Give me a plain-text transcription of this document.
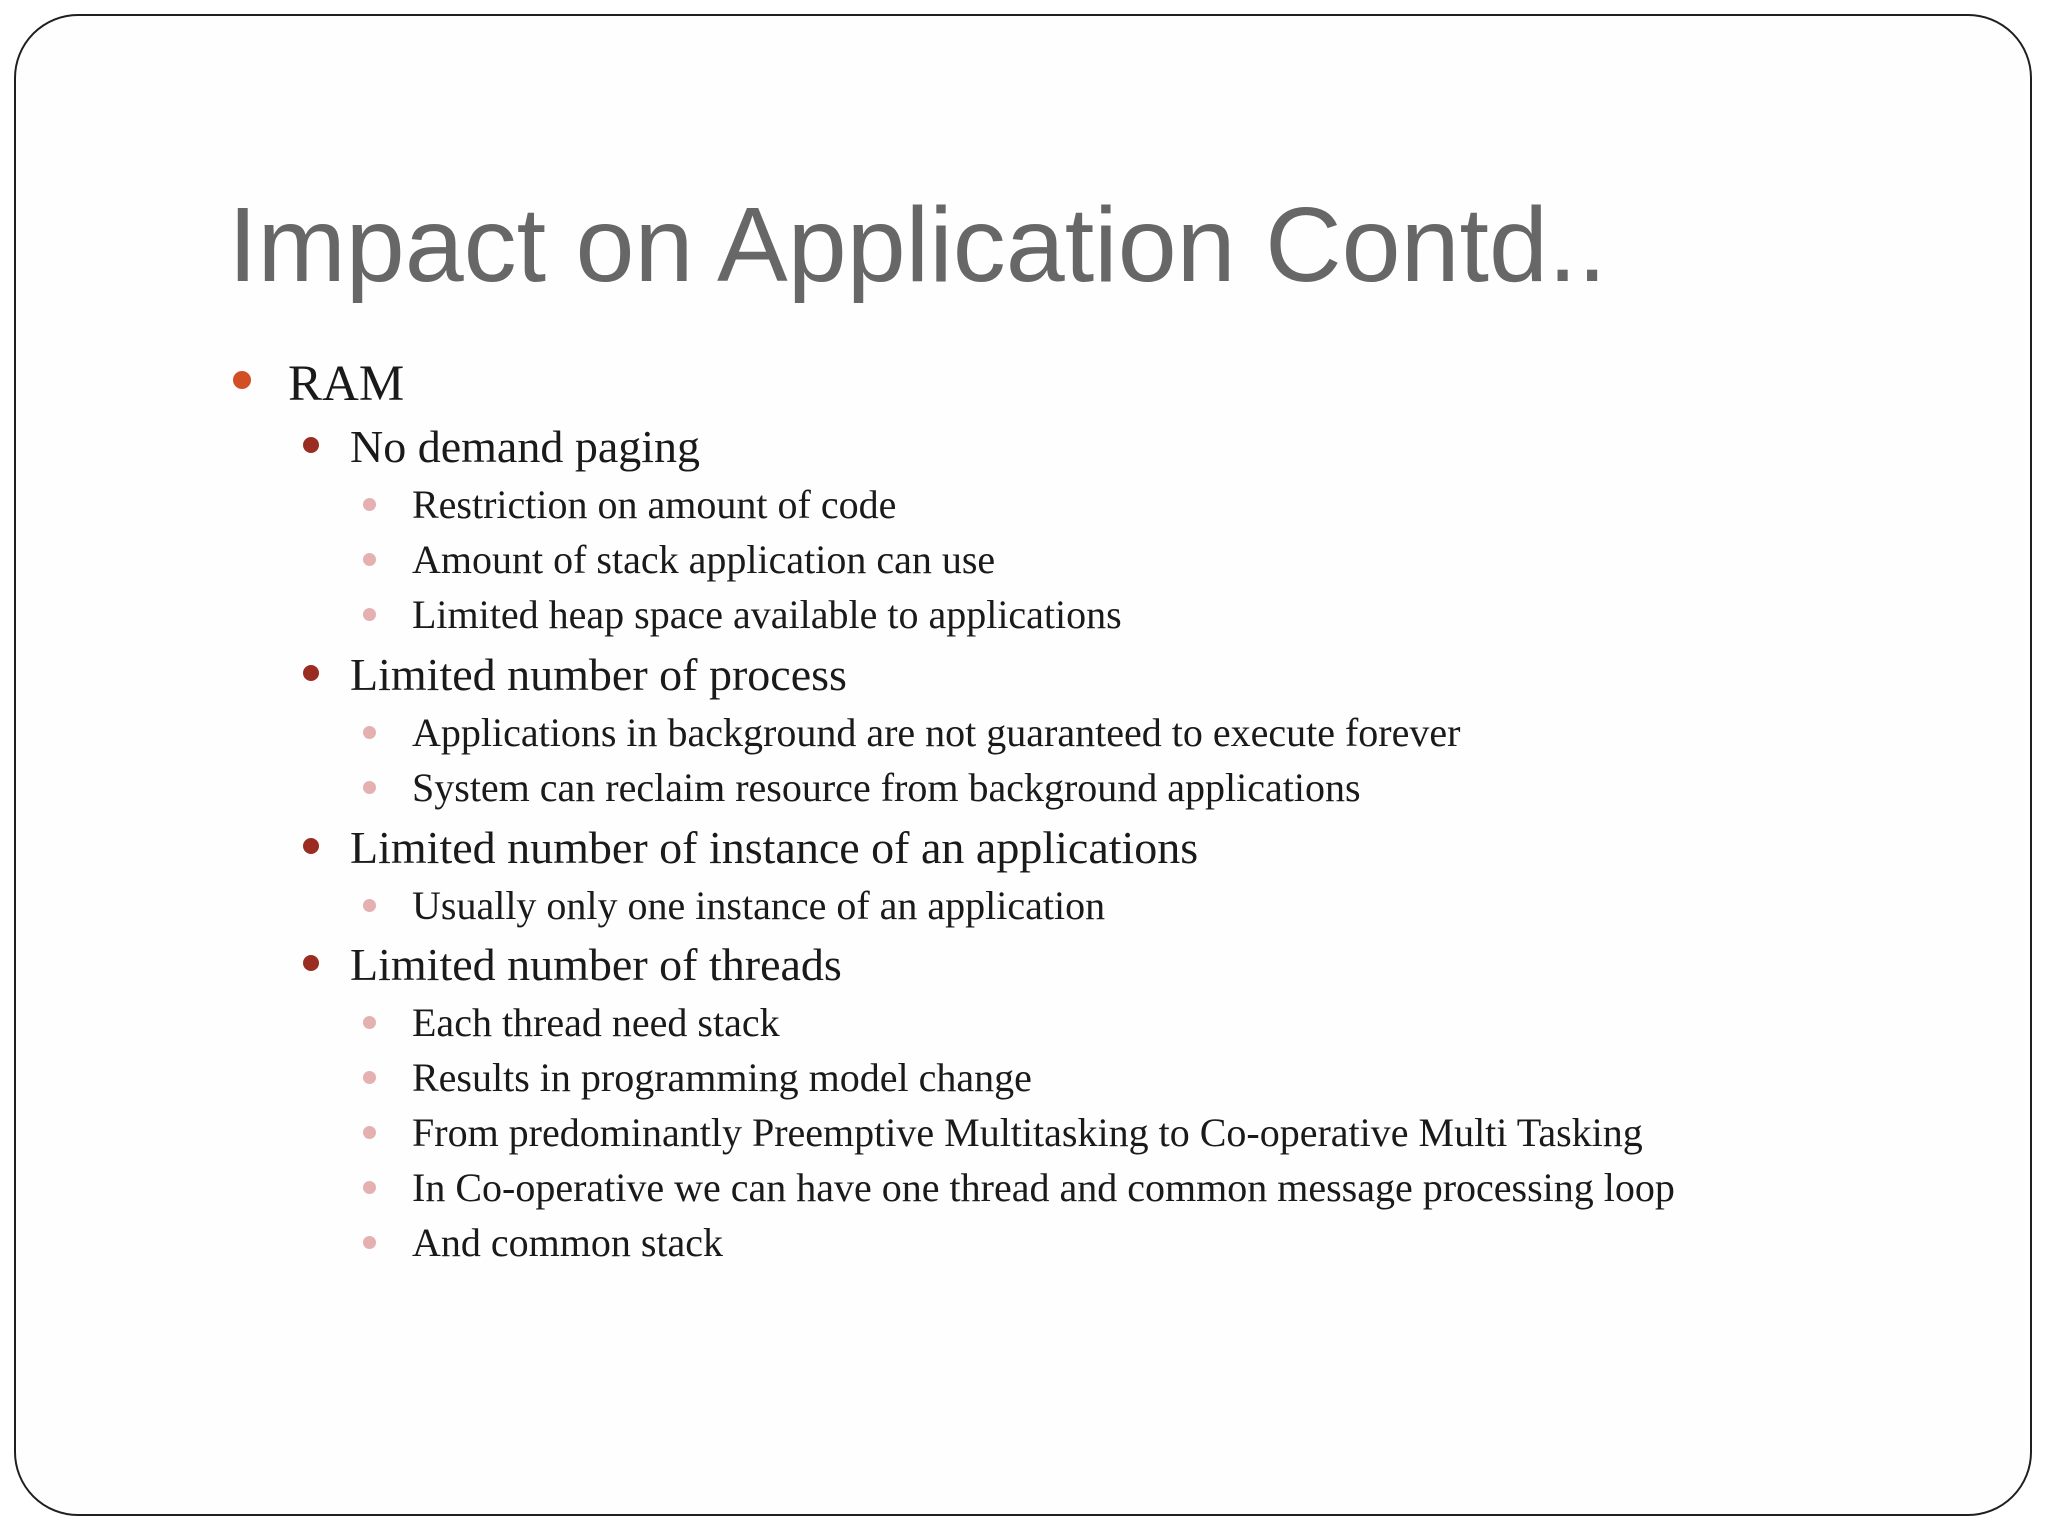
Impact on Application Contd..
RAM
No demand paging
Restriction on amount of code
Amount of stack application can use
Limited heap space available to applications
Limited number of process
Applications in background are not guaranteed to execute forever
System can reclaim resource from background applications
Limited number of instance of an applications
Usually only one instance of an application
Limited number of threads
Each thread need stack
Results in programming model change
From predominantly Preemptive Multitasking to Co-operative Multi Tasking
In Co-operative we can have one thread and common message processing loop
And common stack
